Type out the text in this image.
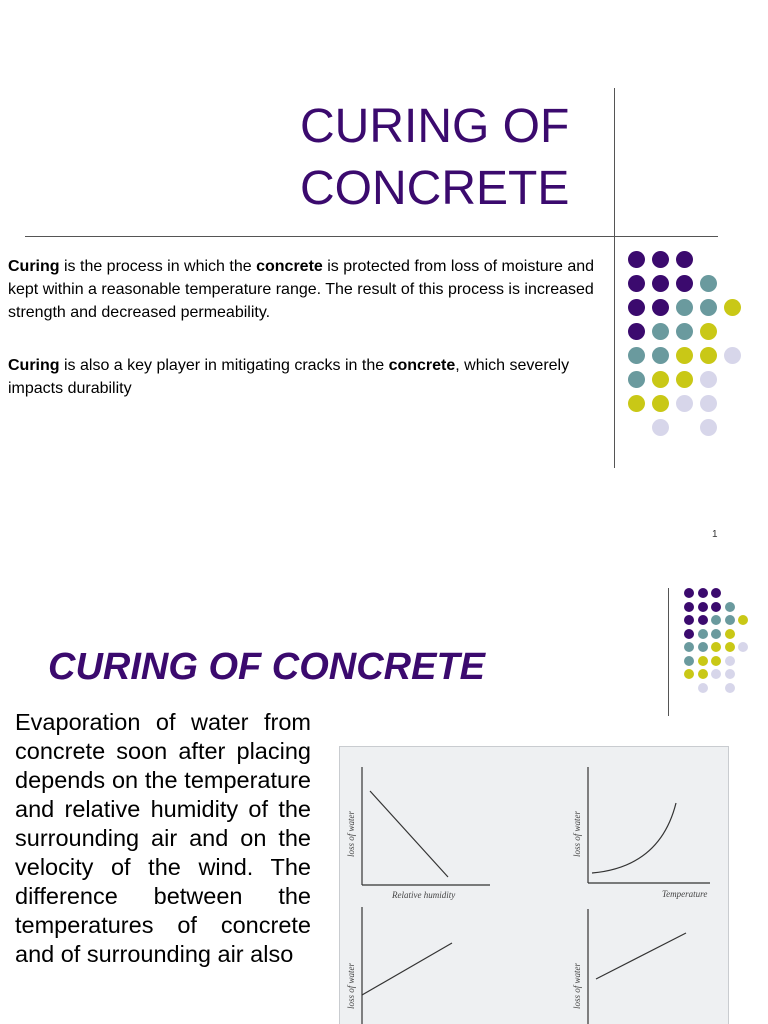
CURING OF
CONCRETE

Curing is the process in which the concrete is protected from loss of moisture and kept within a reasonable temperature range. The result of this process is increased strength and decreased permeability.

Curing is also a key player in mitigating cracks in the concrete, which severely impacts durability

1
CURING OF CONCRETE
Evaporation of water from concrete soon after placing depends on the temperature and relative humidity of the surrounding air and on the velocity of the wind. The difference between the temperatures of concrete and of surrounding air also
loss of water
Relative humidity
loss of water
Temperature
loss of water	loss of water
